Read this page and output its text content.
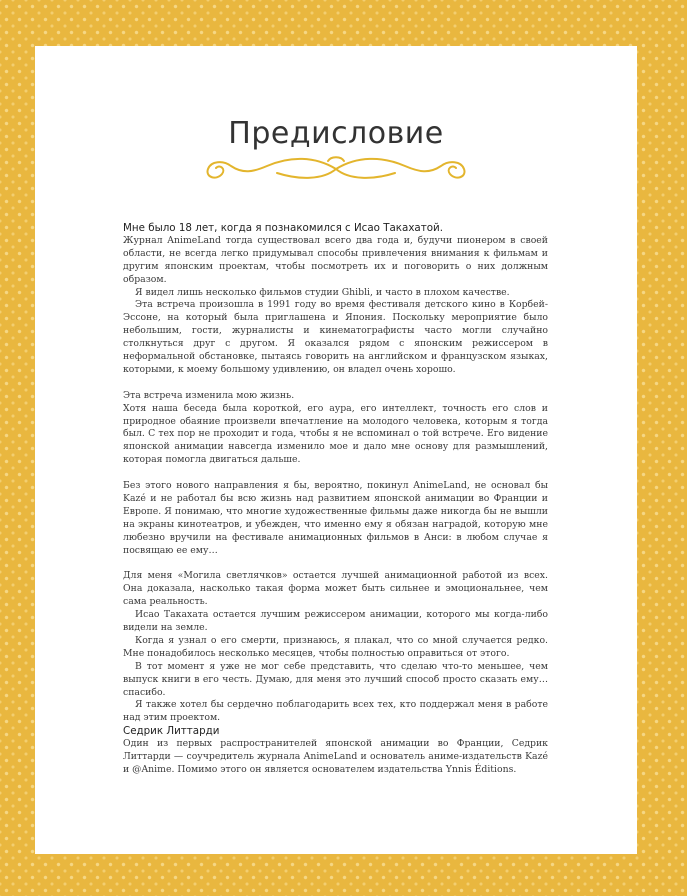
Предисловие

Мне было 18 лет, когда я познакомился с Исао Такахатой.

Журнал AnimeLand тогда существовал всего два года и, будучи пионером в своей области, не всегда легко придумывал способы привлечения внимания к фильмам и другим японским проектам, чтобы посмотреть их и поговорить о них должным образом.

Я видел лишь несколько фильмов студии Ghibli, и часто в плохом качестве.

Эта встреча произошла в 1991 году во время фестиваля детского кино в Корбей-Эссоне, на который была приглашена и Япония. Поскольку мероприятие было небольшим, гости, журналисты и кинематографисты часто могли случайно столкнуться друг с другом. Я оказался рядом с японским режиссером в неформальной обстановке, пытаясь говорить на английском и французском языках, которыми, к моему большому удивлению, он владел очень хорошо.

Эта встреча изменила мою жизнь.

Хотя наша беседа была короткой, его аура, его интеллект, точность его слов и природное обаяние произвели впечатление на молодого человека, которым я тогда был. С тех пор не проходит и года, чтобы я не вспоминал о той встрече. Его видение японской анимации навсегда изменило мое и дало мне основу для размышлений, которая помогла двигаться дальше.

Без этого нового направления я бы, вероятно, покинул AnimeLand, не основал бы Kazé и не работал бы всю жизнь над развитием японской анимации во Франции и Европе. Я понимаю, что многие художественные фильмы даже никогда бы не вышли на экраны кинотеатров, и убежден, что именно ему я обязан наградой, которую мне любезно вручили на фестивале анимационных фильмов в Анси: в любом случае я посвящаю ее ему…

Для меня «Могила светлячков» остается лучшей анимационной работой из всех. Она доказала, насколько такая форма может быть сильнее и эмоциональнее, чем сама реальность.

Исао Такахата остается лучшим режиссером анимации, которого мы когда-либо видели на земле.

Когда я узнал о его смерти, признаюсь, я плакал, что со мной случается редко. Мне понадобилось несколько месяцев, чтобы полностью оправиться от этого.

В тот момент я уже не мог себе представить, что сделаю что-то меньшее, чем выпуск книги в его честь. Думаю, для меня это лучший способ просто сказать ему… спасибо.

Я также хотел бы сердечно поблагодарить всех тех, кто поддержал меня в работе над этим проектом.

Седрик Литтарди

Один из первых распространителей японской анимации во Франции, Седрик Литтарди — соучредитель журнала AnimeLand и основатель аниме-издательств Kazé и @Anime. Помимо этого он является основателем издательства Ynnis Éditions.
